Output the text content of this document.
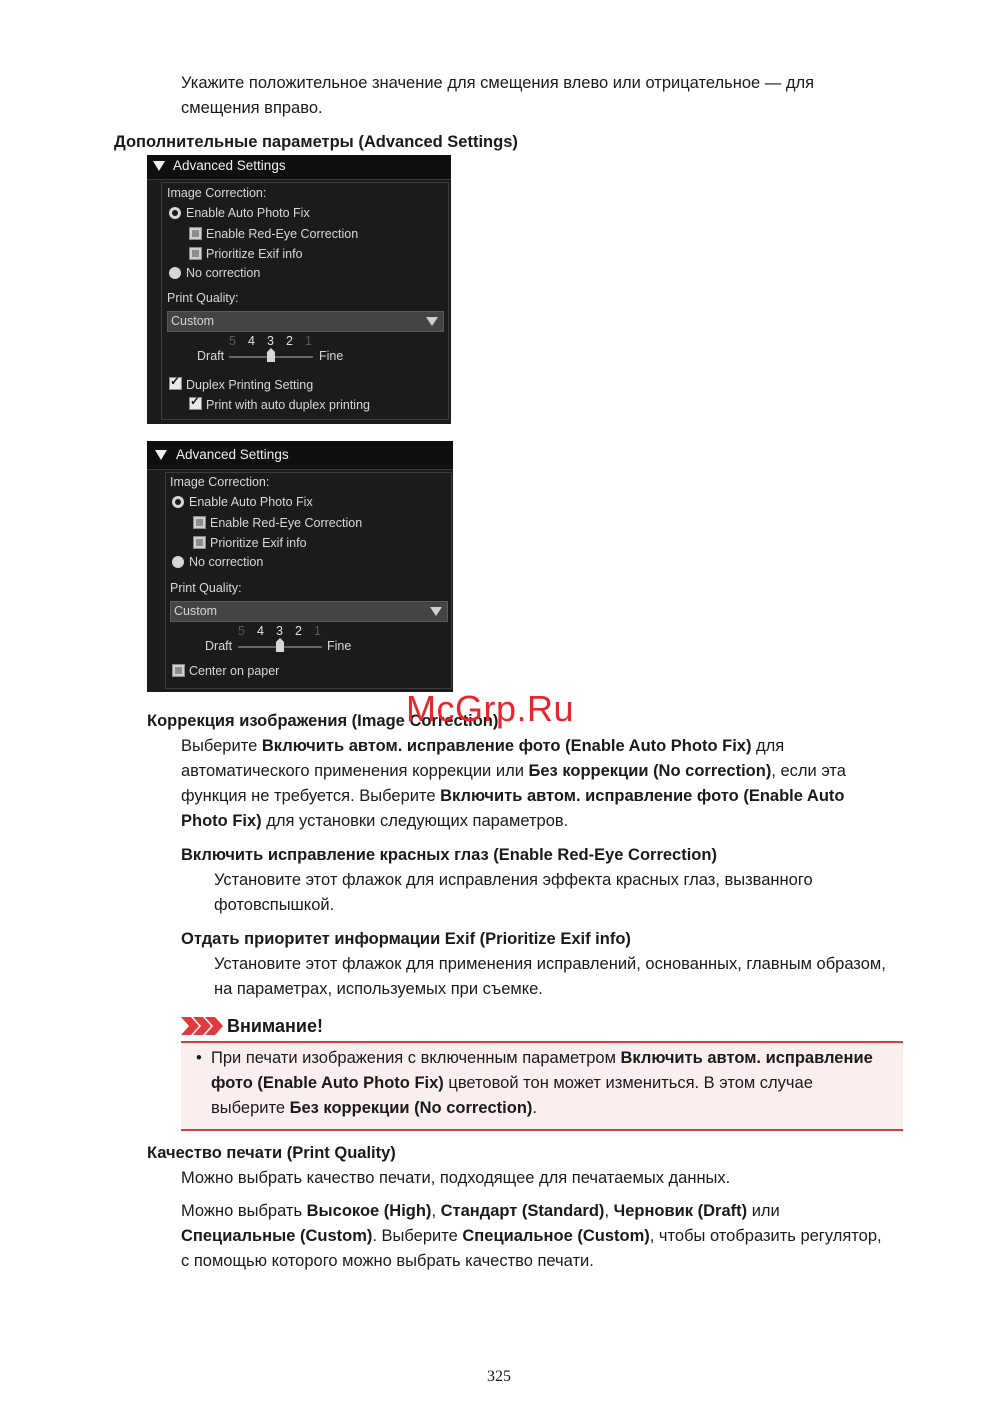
Укажите положительное значение для смещения влево или отрицательное — для
смещения вправо.
Дополнительные параметры (Advanced Settings)
Advanced Settings
Image Correction:
Enable Auto Photo Fix
Enable Red-Eye Correction
Prioritize Exif info
No correction
Print Quality:
Custom
5 4 3 2 1
Draft	Fine
✓
Duplex Printing Setting
✓
Print with auto duplex printing
Advanced Settings
Image Correction:
Enable Auto Photo Fix
Enable Red-Eye Correction
Prioritize Exif info
No correction
Print Quality:
Custom
5 4 3 2 1
Draft	Fine
Center on paper
Коррекция изображения (Image Correction)
McGrp.Ru
Выберите Включить автом. исправление фото (Enable Auto Photo Fix) для
автоматического применения коррекции или Без коррекции (No correction), если эта
функция не требуется. Выберите Включить автом. исправление фото (Enable Auto
Photo Fix) для установки следующих параметров.
Включить исправление красных глаз (Enable Red-Eye Correction)
Установите этот флажок для исправления эффекта красных глаз, вызванного
фотовспышкой.
Отдать приоритет информации Exif (Prioritize Exif info)
Установите этот флажок для применения исправлений, основанных, главным образом,
на параметрах, используемых при съемке.
Внимание!
• При печати изображения с включенным параметром Включить автом. исправление
фото (Enable Auto Photo Fix) цветовой тон может измениться. В этом случае
выберите Без коррекции (No correction).
Качество печати (Print Quality)
Можно выбрать качество печати, подходящее для печатаемых данных.
Можно выбрать Высокое (High), Стандарт (Standard), Черновик (Draft) или
Специальные (Custom). Выберите Специальное (Custom), чтобы отобразить регулятор,
с помощью которого можно выбрать качество печати.
325
